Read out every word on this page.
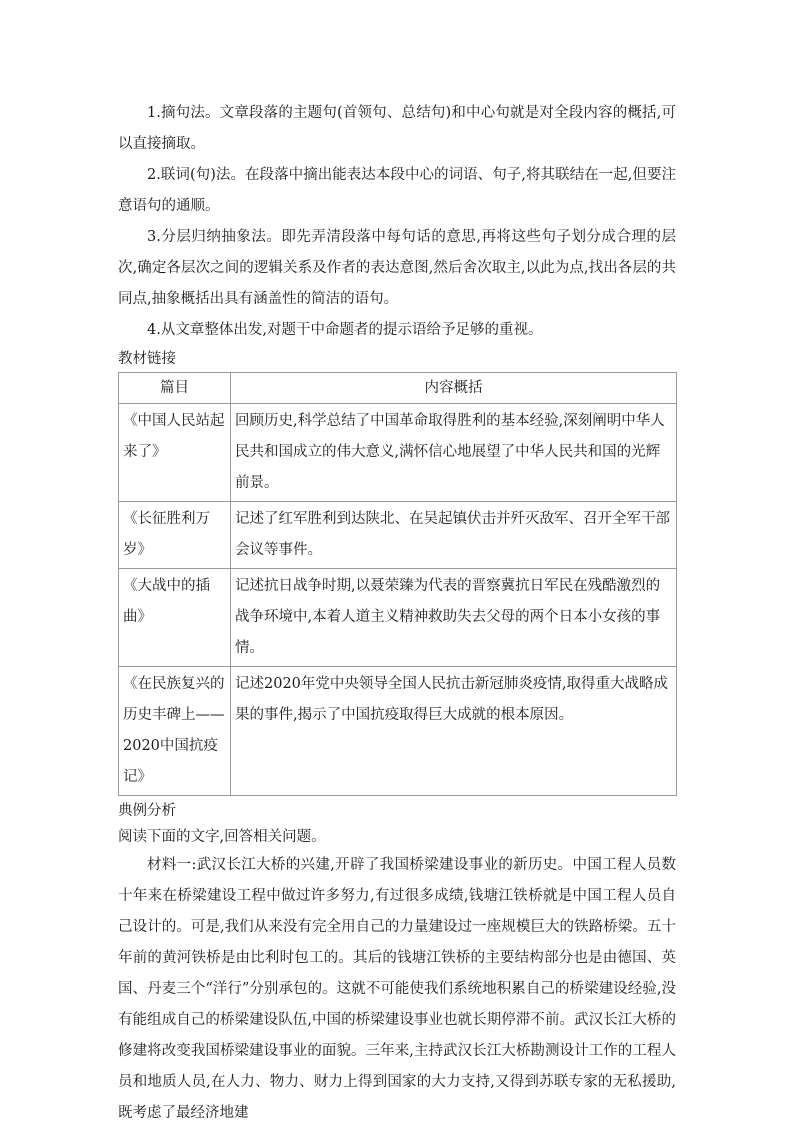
1.摘句法。文章段落的主题句(首领句、总结句)和中心句就是对全段内容的概括,可以直接摘取。

2.联词(句)法。在段落中摘出能表达本段中心的词语、句子,将其联结在一起,但要注意语句的通顺。

3.分层归纳抽象法。即先弄清段落中每句话的意思,再将这些句子划分成合理的层次,确定各层次之间的逻辑关系及作者的表达意图,然后舍次取主,以此为点,找出各层的共同点,抽象概括出具有涵盖性的简洁的语句。

4.从文章整体出发,对题干中命题者的提示语给予足够的重视。

教材链接

篇目	内容概括
《中国人民站起来了》	回顾历史,科学总结了中国革命取得胜利的基本经验,深刻阐明中华人民共和国成立的伟大意义,满怀信心地展望了中华人民共和国的光辉前景。
《长征胜利万岁》	记述了红军胜利到达陕北、在吴起镇伏击并歼灭敌军、召开全军干部会议等事件。
《大战中的插曲》	记述抗日战争时期,以聂荣臻为代表的晋察冀抗日军民在残酷激烈的战争环境中,本着人道主义精神救助失去父母的两个日本小女孩的事情。
《在民族复兴的历史丰碑上——2020中国抗疫记》	记述2020年党中央领导全国人民抗击新冠肺炎疫情,取得重大战略成果的事件,揭示了中国抗疫取得巨大成就的根本原因。

典例分析

阅读下面的文字,回答相关问题。

材料一:武汉长江大桥的兴建,开辟了我国桥梁建设事业的新历史。中国工程人员数十年来在桥梁建设工程中做过许多努力,有过很多成绩,钱塘江铁桥就是中国工程人员自己设计的。可是,我们从来没有完全用自己的力量建设过一座规模巨大的铁路桥梁。五十年前的黄河铁桥是由比利时包工的。其后的钱塘江铁桥的主要结构部分也是由德国、英国、丹麦三个“洋行”分别承包的。这就不可能使我们系统地积累自己的桥梁建设经验,没有能组成自己的桥梁建设队伍,中国的桥梁建设事业也就长期停滞不前。武汉长江大桥的修建将改变我国桥梁建设事业的面貌。三年来,主持武汉长江大桥勘测设计工作的工程人员和地质人员,在人力、物力、财力上得到国家的大力支持,又得到苏联专家的无私援助,既考虑了最经济地建
